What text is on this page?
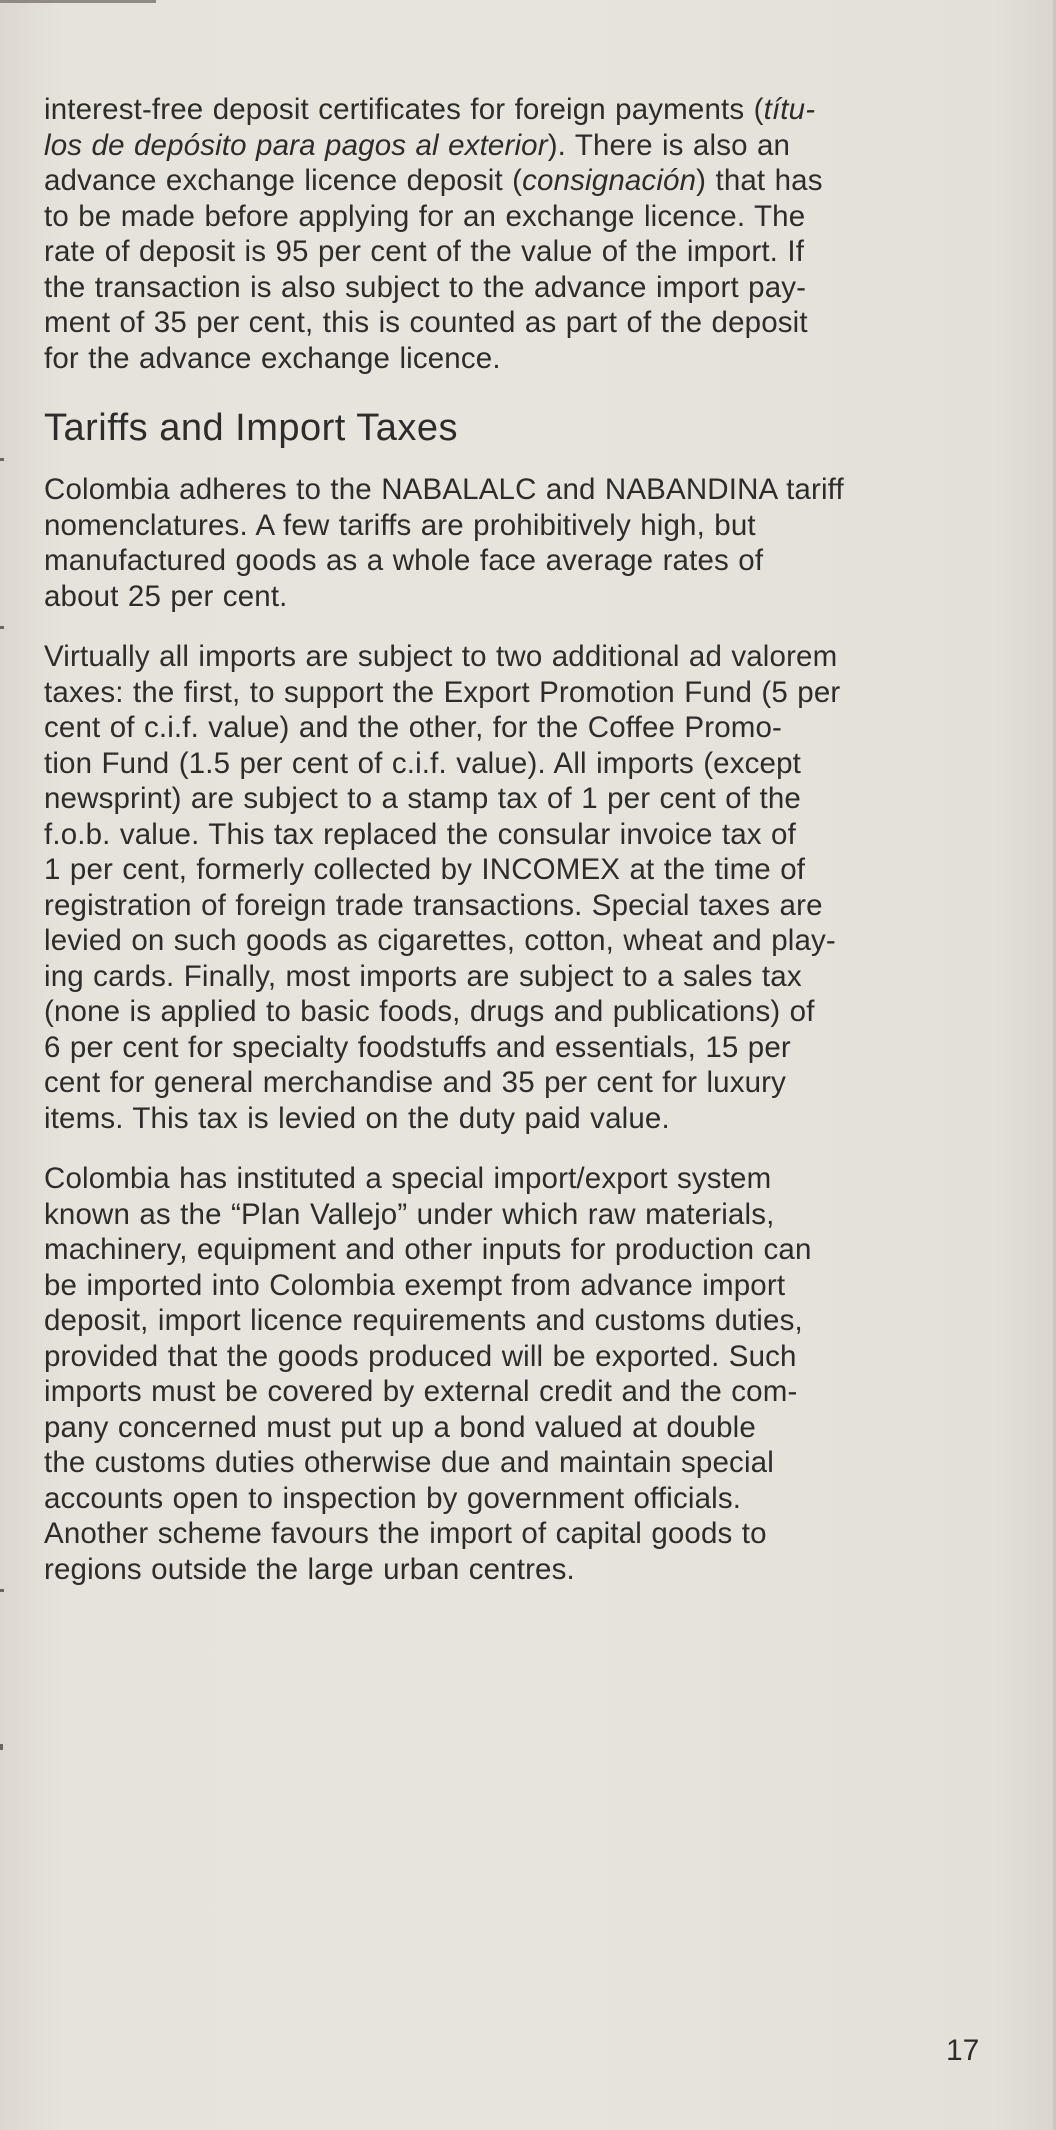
interest-free deposit certificates for foreign payments (títu-
los de depósito para pagos al exterior). There is also an
advance exchange licence deposit (consignación) that has
to be made before applying for an exchange licence. The
rate of deposit is 95 per cent of the value of the import. If
the transaction is also subject to the advance import pay-
ment of 35 per cent, this is counted as part of the deposit
for the advance exchange licence.
Tariffs and Import Taxes
Colombia adheres to the NABALALC and NABANDINA tariff
nomenclatures. A few tariffs are prohibitively high, but
manufactured goods as a whole face average rates of
about 25 per cent.
Virtually all imports are subject to two additional ad valorem
taxes: the first, to support the Export Promotion Fund (5 per
cent of c.i.f. value) and the other, for the Coffee Promo-
tion Fund (1.5 per cent of c.i.f. value). All imports (except
newsprint) are subject to a stamp tax of 1 per cent of the
f.o.b. value. This tax replaced the consular invoice tax of
1 per cent, formerly collected by INCOMEX at the time of
registration of foreign trade transactions. Special taxes are
levied on such goods as cigarettes, cotton, wheat and play-
ing cards. Finally, most imports are subject to a sales tax
(none is applied to basic foods, drugs and publications) of
6 per cent for specialty foodstuffs and essentials, 15 per
cent for general merchandise and 35 per cent for luxury
items. This tax is levied on the duty paid value.
Colombia has instituted a special import/export system
known as the “Plan Vallejo” under which raw materials,
machinery, equipment and other inputs for production can
be imported into Colombia exempt from advance import
deposit, import licence requirements and customs duties,
provided that the goods produced will be exported. Such
imports must be covered by external credit and the com-
pany concerned must put up a bond valued at double
the customs duties otherwise due and maintain special
accounts open to inspection by government officials.
Another scheme favours the import of capital goods to
regions outside the large urban centres.
17
